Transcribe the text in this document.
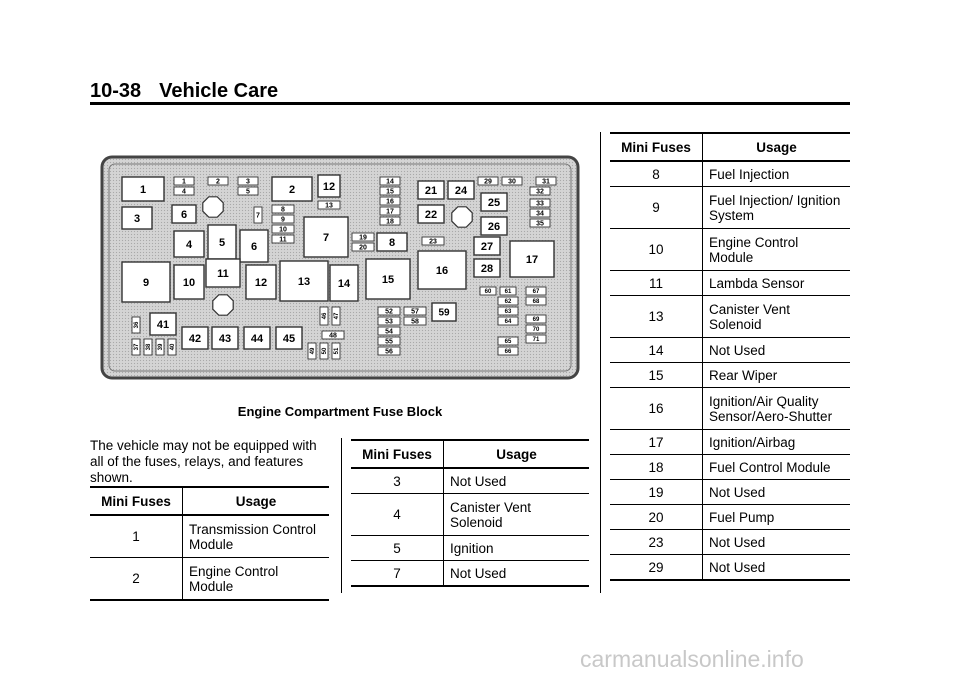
10-38 Vehicle Care
1
3	6
9
4 5 6
10
11
12	13	14
2	12
7	8
15
16
17
21 24
22
25
26
27
28
59
41
42 43 44 45
1
4
2	3
5
7
8
9
10
11
13
14
15
16
17
18
19
20
23
29 30	31
32
33
34
35
60 61
62
63
64
65
66
67
68
69
70
71
52
53
54
55
56
57
58
48
46 47
49 50 51
36
37 38 39 40
Engine Compartment Fuse Block
The vehicle may not be equipped with all of the fuses, relays, and features shown.
Mini Fuses	Usage
1	Transmission Control Module
2	Engine Control Module
Mini Fuses	Usage
3	Not Used
4	Canister Vent Solenoid
5	Ignition
7	Not Used
Mini Fuses	Usage
8	Fuel Injection
9	Fuel Injection/ Ignition System
10	Engine Control Module
11	Lambda Sensor
13	Canister Vent Solenoid
14	Not Used
15	Rear Wiper
16	Ignition/Air Quality Sensor/Aero-Shutter
17	Ignition/Airbag
18	Fuel Control Module
19	Not Used
20	Fuel Pump
23	Not Used
29	Not Used
carmanualsonline.info
